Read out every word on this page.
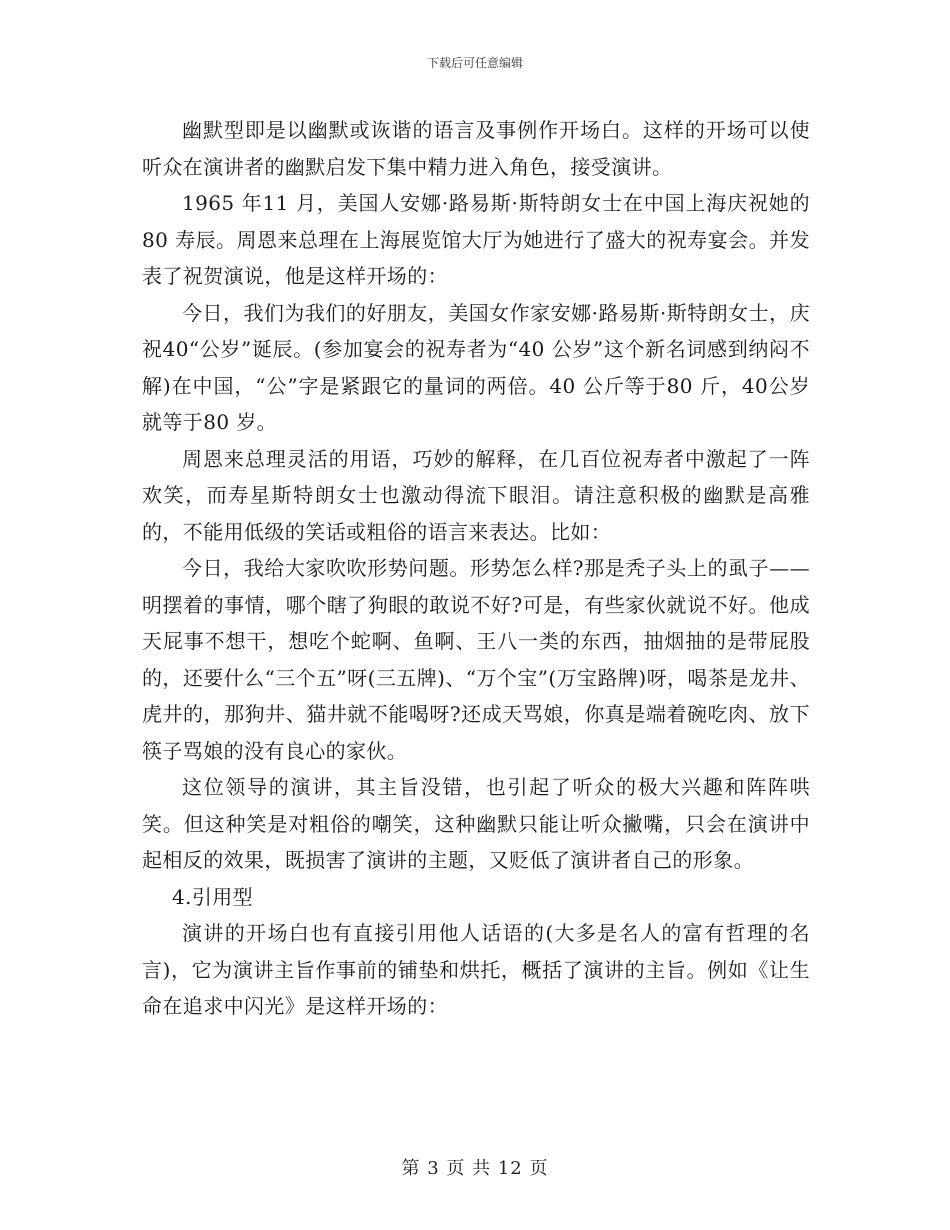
下载后可任意编辑

幽默型即是以幽默或诙谐的语言及事例作开场白。这样的开场可以使听众在演讲者的幽默启发下集中精力进入角色，接受演讲。

1965 年11 月，美国人安娜·路易斯·斯特朗女士在中国上海庆祝她的80 寿辰。周恩来总理在上海展览馆大厅为她进行了盛大的祝寿宴会。并发表了祝贺演说，他是这样开场的：

今日，我们为我们的好朋友，美国女作家安娜·路易斯·斯特朗女士，庆祝40“公岁”诞辰。(参加宴会的祝寿者为“40 公岁”这个新名词感到纳闷不解)在中国，“公”字是紧跟它的量词的两倍。40 公斤等于80 斤，40公岁就等于80 岁。

周恩来总理灵活的用语，巧妙的解释，在几百位祝寿者中激起了一阵欢笑，而寿星斯特朗女士也激动得流下眼泪。请注意积极的幽默是高雅的，不能用低级的笑话或粗俗的语言来表达。比如：

今日，我给大家吹吹形势问题。形势怎么样?那是秃子头上的虱子——明摆着的事情，哪个瞎了狗眼的敢说不好?可是，有些家伙就说不好。他成天屁事不想干，想吃个蛇啊、鱼啊、王八一类的东西，抽烟抽的是带屁股的，还要什么“三个五”呀(三五牌)、“万个宝”(万宝路牌)呀，喝茶是龙井、虎井的，那狗井、猫井就不能喝呀?还成天骂娘，你真是端着碗吃肉、放下筷子骂娘的没有良心的家伙。

这位领导的演讲，其主旨没错，也引起了听众的极大兴趣和阵阵哄笑。但这种笑是对粗俗的嘲笑，这种幽默只能让听众撇嘴，只会在演讲中起相反的效果，既损害了演讲的主题，又贬低了演讲者自己的形象。

4.引用型

演讲的开场白也有直接引用他人话语的(大多是名人的富有哲理的名言)，它为演讲主旨作事前的铺垫和烘托，概括了演讲的主旨。例如《让生命在追求中闪光》是这样开场的：

第 3 页 共 12 页
